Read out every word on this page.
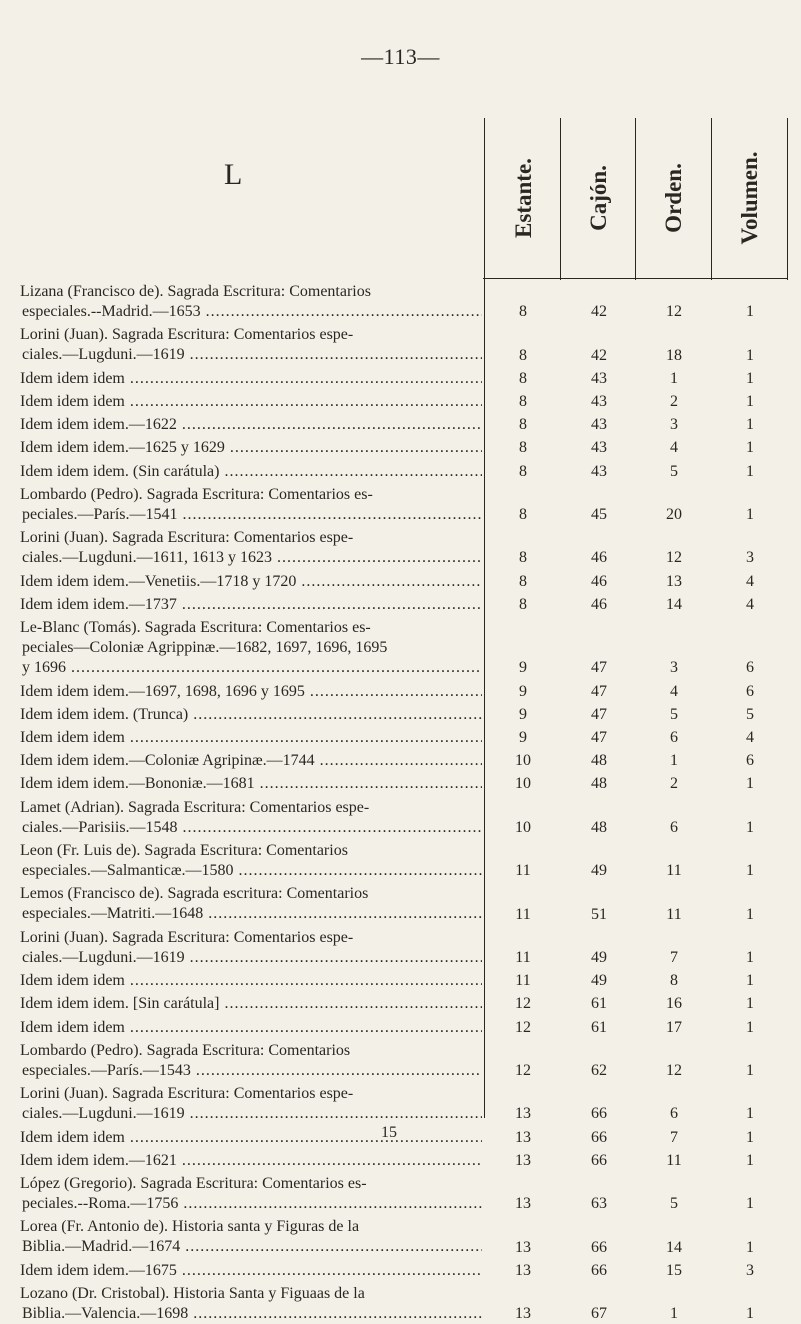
—113—
L	Estante. Cajón. Orden. Volumen.

Lizana (Francisco de). Sagrada Escritura: Comentarios

especiales.--Madrid.—1653 .....	8	42	12	1

Lorini (Juan). Sagrada Escritura: Comentarios espe-

ciales.—Lugduni.—1619 .....	8	42	18	1

Idem idem idem .....	8	43	1	1

Idem idem idem .....	8	43	2	1

Idem idem idem.—1622 .....	8	43	3	1

Idem idem idem.—1625 y 1629 .....	8	43	4	1

Idem idem idem. (Sin carátula) .....	8	43	5	1

Lombardo (Pedro). Sagrada Escritura: Comentarios es-

peciales.—París.—1541 .....	8	45	20	1

Lorini (Juan). Sagrada Escritura: Comentarios espe-

ciales.—Lugduni.—1611, 1613 y 1623 .....	8	46	12	3

Idem idem idem.—Venetiis.—1718 y 1720 .....	8	46	13	4

Idem idem idem.—1737 .....	8	46	14	4

Le-Blanc (Tomás). Sagrada Escritura: Comentarios es-

peciales—Coloniæ Agrippinæ.—1682, 1697, 1696, 1695

y 1696 .....	9	47	3	6

Idem idem idem.—1697, 1698, 1696 y 1695 .....	9	47	4	6

Idem idem idem. (Trunca) .....	9	47	5	5

Idem idem idem .....	9	47	6	4

Idem idem idem.—Coloniæ Agripinæ.—1744 .....	10	48	1	6

Idem idem idem.—Bononiæ.—1681 .....	10	48	2	1

Lamet (Adrian). Sagrada Escritura: Comentarios espe-

ciales.—Parisiis.—1548 .....	10	48	6	1

Leon (Fr. Luis de). Sagrada Escritura: Comentarios

especiales.—Salmanticæ.—1580 .....	11	49	11	1

Lemos (Francisco de). Sagrada escritura: Comentarios

especiales.—Matriti.—1648 .....	11	51	11	1

Lorini (Juan). Sagrada Escritura: Comentarios espe-

ciales.—Lugduni.—1619 .....	11	49	7	1

Idem idem idem .....	11	49	8	1

Idem idem idem. [Sin carátula] .....	12	61	16	1

Idem idem idem .....	12	61	17	1

Lombardo (Pedro). Sagrada Escritura: Comentarios

especiales.—París.—1543 .....	12	62	12	1

Lorini (Juan). Sagrada Escritura: Comentarios espe-

ciales.—Lugduni.—1619 .....	13	66	6	1

Idem idem idem .....	13	66	7	1

Idem idem idem.—1621 .....	13	66	11	1

López (Gregorio). Sagrada Escritura: Comentarios es-

peciales.--Roma.—1756 .....	13	63	5	1

Lorea (Fr. Antonio de). Historia santa y Figuras de la

Biblia.—Madrid.—1674 .....	13	66	14	1

Idem idem idem.—1675 .....	13	66	15	3

Lozano (Dr. Cristobal). Historia Santa y Figuaas de la

Biblia.—Valencia.—1698 .....	13	67	1	1
15
